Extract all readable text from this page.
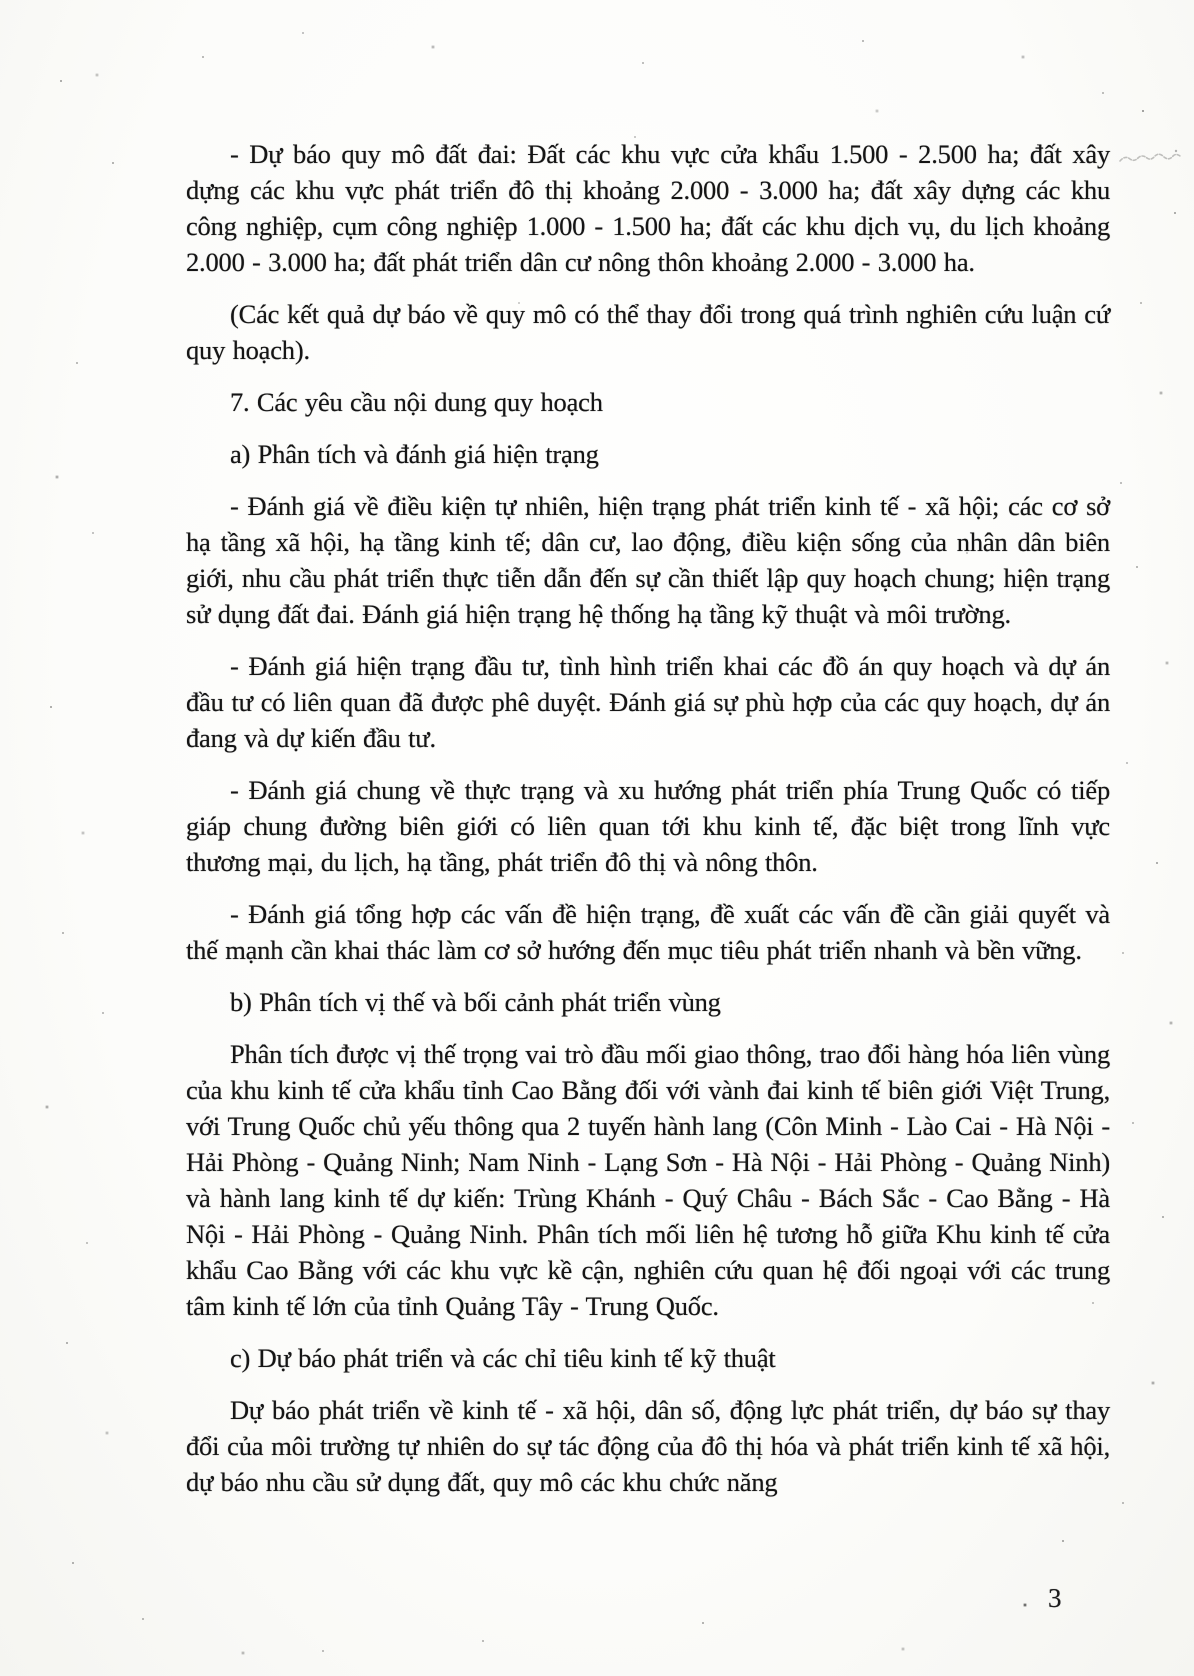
- Dự báo quy mô đất đai: Đất các khu vực cửa khẩu 1.500 - 2.500 ha; đất xây dựng các khu vực phát triển đô thị khoảng 2.000 - 3.000 ha; đất xây dựng các khu công nghiệp, cụm công nghiệp 1.000 - 1.500 ha; đất các khu dịch vụ, du lịch khoảng 2.000 - 3.000 ha; đất phát triển dân cư nông thôn khoảng 2.000 - 3.000 ha.

(Các kết quả dự báo về quy mô có thể thay đổi trong quá trình nghiên cứu luận cứ quy hoạch).

7. Các yêu cầu nội dung quy hoạch

a) Phân tích và đánh giá hiện trạng

- Đánh giá về điều kiện tự nhiên, hiện trạng phát triển kinh tế - xã hội; các cơ sở hạ tầng xã hội, hạ tầng kinh tế; dân cư, lao động, điều kiện sống của nhân dân biên giới, nhu cầu phát triển thực tiễn dẫn đến sự cần thiết lập quy hoạch chung; hiện trạng sử dụng đất đai. Đánh giá hiện trạng hệ thống hạ tầng kỹ thuật và môi trường.

- Đánh giá hiện trạng đầu tư, tình hình triển khai các đồ án quy hoạch và dự án đầu tư có liên quan đã được phê duyệt. Đánh giá sự phù hợp của các quy hoạch, dự án đang và dự kiến đầu tư.

- Đánh giá chung về thực trạng và xu hướng phát triển phía Trung Quốc có tiếp giáp chung đường biên giới có liên quan tới khu kinh tế, đặc biệt trong lĩnh vực thương mại, du lịch, hạ tầng, phát triển đô thị và nông thôn.

- Đánh giá tổng hợp các vấn đề hiện trạng, đề xuất các vấn đề cần giải quyết và thế mạnh cần khai thác làm cơ sở hướng đến mục tiêu phát triển nhanh và bền vững.

b) Phân tích vị thế và bối cảnh phát triển vùng

Phân tích được vị thế trọng vai trò đầu mối giao thông, trao đổi hàng hóa liên vùng của khu kinh tế cửa khẩu tỉnh Cao Bằng đối với vành đai kinh tế biên giới Việt Trung, với Trung Quốc chủ yếu thông qua 2 tuyến hành lang (Côn Minh - Lào Cai - Hà Nội - Hải Phòng - Quảng Ninh; Nam Ninh - Lạng Sơn - Hà Nội - Hải Phòng - Quảng Ninh) và hành lang kinh tế dự kiến: Trùng Khánh - Quý Châu - Bách Sắc - Cao Bằng - Hà Nội - Hải Phòng - Quảng Ninh. Phân tích mối liên hệ tương hỗ giữa Khu kinh tế cửa khẩu Cao Bằng với các khu vực kề cận, nghiên cứu quan hệ đối ngoại với các trung tâm kinh tế lớn của tỉnh Quảng Tây - Trung Quốc.

c) Dự báo phát triển và các chỉ tiêu kinh tế kỹ thuật

Dự báo phát triển về kinh tế - xã hội, dân số, động lực phát triển, dự báo sự thay đổi của môi trường tự nhiên do sự tác động của đô thị hóa và phát triển kinh tế xã hội, dự báo nhu cầu sử dụng đất, quy mô các khu chức năng

3
